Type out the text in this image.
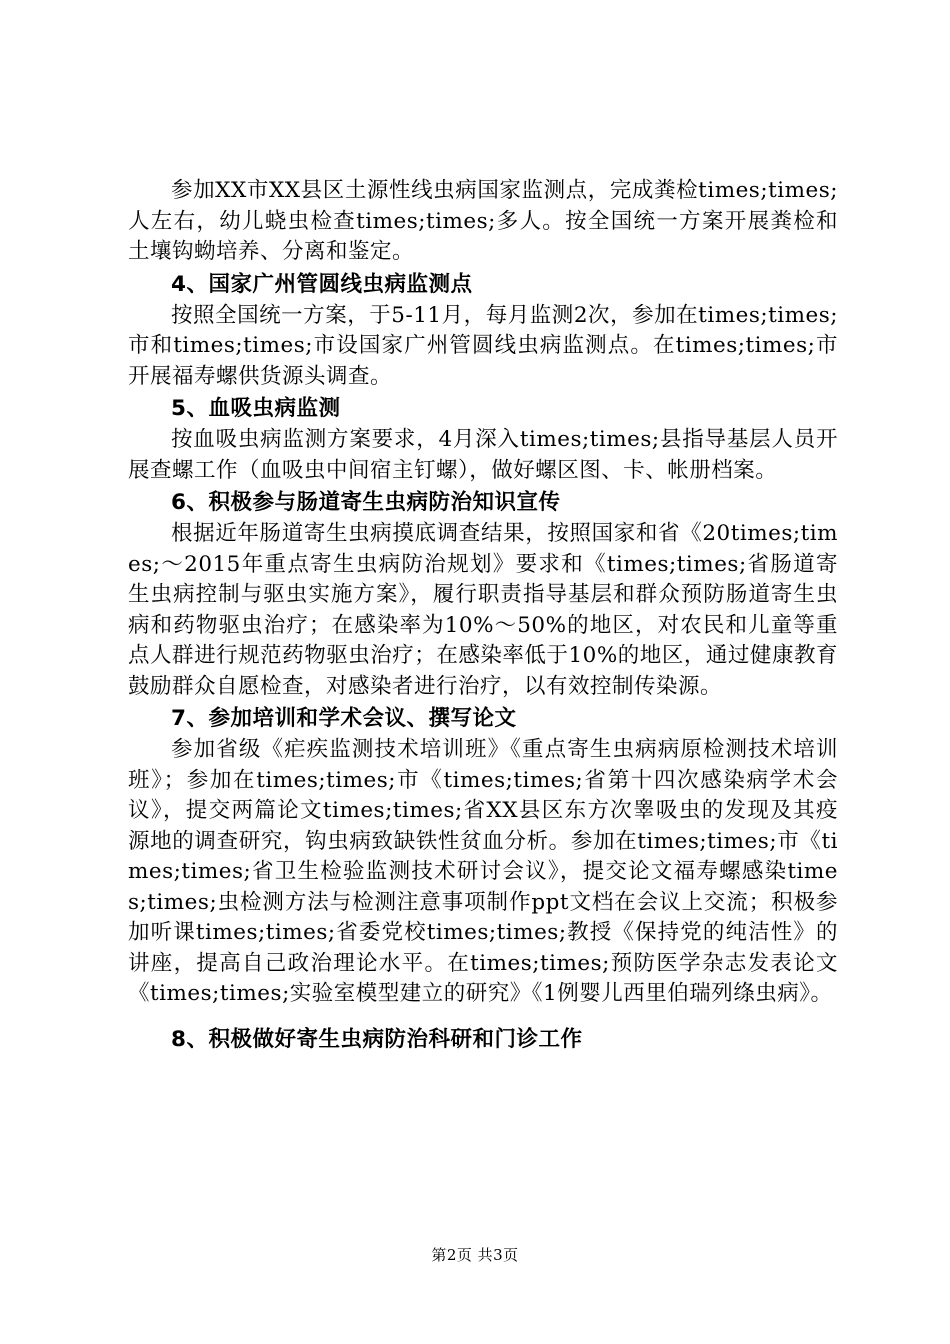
参加XX市XX县区土源性线虫病国家监测点，完成粪检times;times;人左右，幼儿蛲虫检查times;times;多人。按全国统一方案开展粪检和土壤钩蚴培养、分离和鉴定。

4、国家广州管圆线虫病监测点

按照全国统一方案，于5-11月，每月监测2次，参加在times;times;市和times;times;市设国家广州管圆线虫病监测点。在times;times;市开展福寿螺供货源头调查。

5、血吸虫病监测

按血吸虫病监测方案要求，4月深入times;times;县指导基层人员开展查螺工作（血吸虫中间宿主钉螺），做好螺区图、卡、帐册档案。

6、积极参与肠道寄生虫病防治知识宣传

根据近年肠道寄生虫病摸底调查结果，按照国家和省《20times;times;～2015年重点寄生虫病防治规划》要求和《times;times;省肠道寄生虫病控制与驱虫实施方案》，履行职责指导基层和群众预防肠道寄生虫病和药物驱虫治疗；在感染率为10%～50%的地区，对农民和儿童等重点人群进行规范药物驱虫治疗；在感染率低于10%的地区，通过健康教育鼓励群众自愿检查，对感染者进行治疗，以有效控制传染源。

7、参加培训和学术会议、撰写论文

参加省级《疟疾监测技术培训班》《重点寄生虫病病原检测技术培训班》；参加在times;times;市《times;times;省第十四次感染病学术会议》，提交两篇论文times;times;省XX县区东方次睾吸虫的发现及其疫源地的调查研究，钩虫病致缺铁性贫血分析。参加在times;times;市《times;times;省卫生检验监测技术研讨会议》，提交论文福寿螺感染times;times;虫检测方法与检测注意事项制作ppt文档在会议上交流；积极参加听课times;times;省委党校times;times;教授《保持党的纯洁性》的讲座，提高自己政治理论水平。在times;times;预防医学杂志发表论文《times;times;实验室模型建立的研究》《1例婴儿西里伯瑞列绦虫病》。

8、积极做好寄生虫病防治科研和门诊工作

第2页 共3页
